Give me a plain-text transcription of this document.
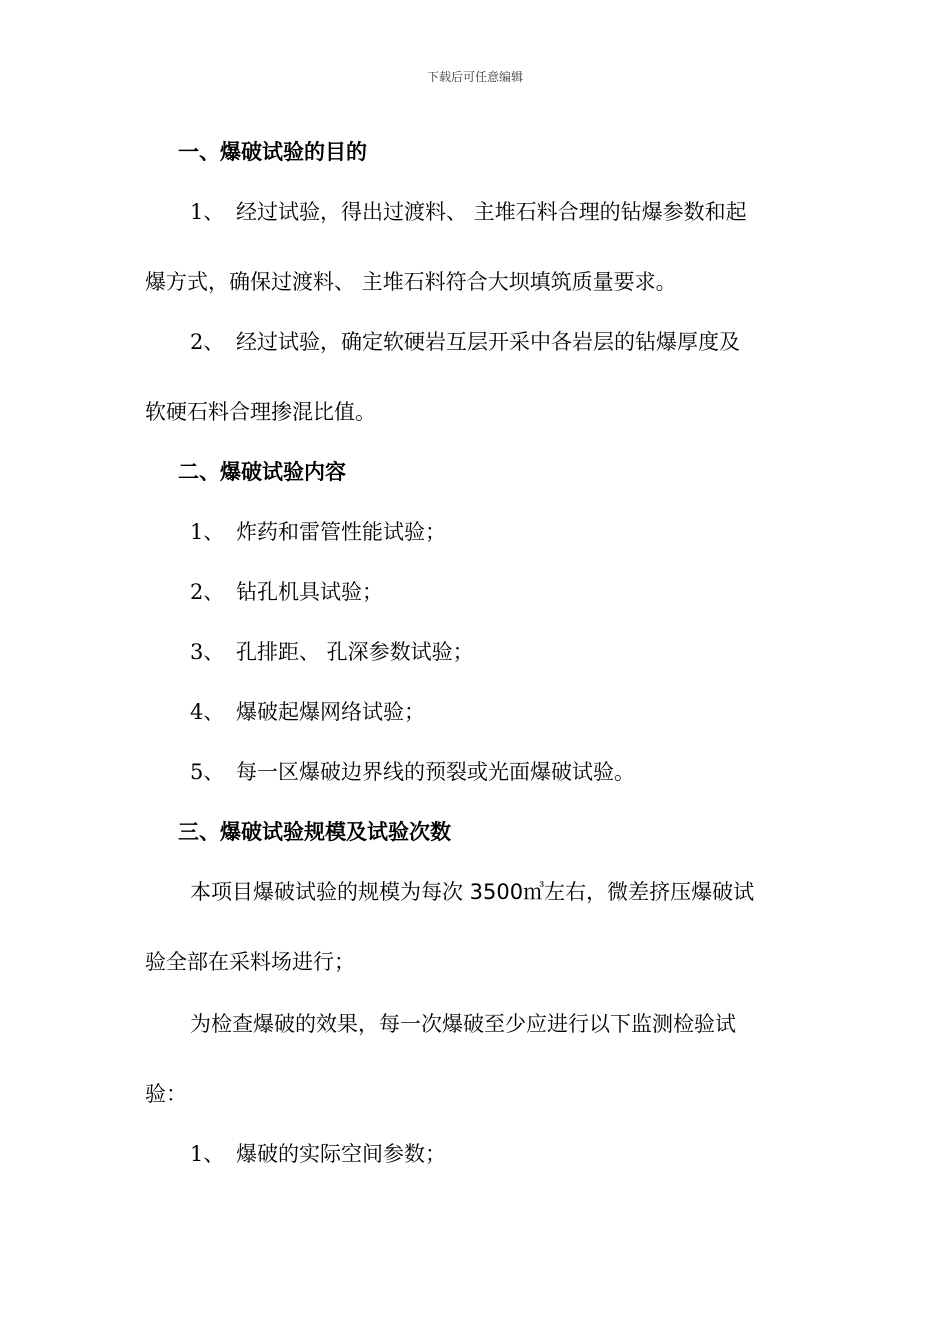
下载后可任意编辑
一、爆破试验的目的
1、 经过试验，得出过渡料、 主堆石料合理的钻爆参数和起
爆方式，确保过渡料、 主堆石料符合大坝填筑质量要求。
2、 经过试验，确定软硬岩互层开采中各岩层的钻爆厚度及
软硬石料合理掺混比值。
二、爆破试验内容
1、 炸药和雷管性能试验；
2、 钻孔机具试验；
3、 孔排距、 孔深参数试验；
4、 爆破起爆网络试验；
5、 每一区爆破边界线的预裂或光面爆破试验。
三、爆破试验规模及试验次数
本项目爆破试验的规模为每次 3500㎥左右，微差挤压爆破试
验全部在采料场进行；
为检查爆破的效果，每一次爆破至少应进行以下监测检验试
验：
1、 爆破的实际空间参数；
